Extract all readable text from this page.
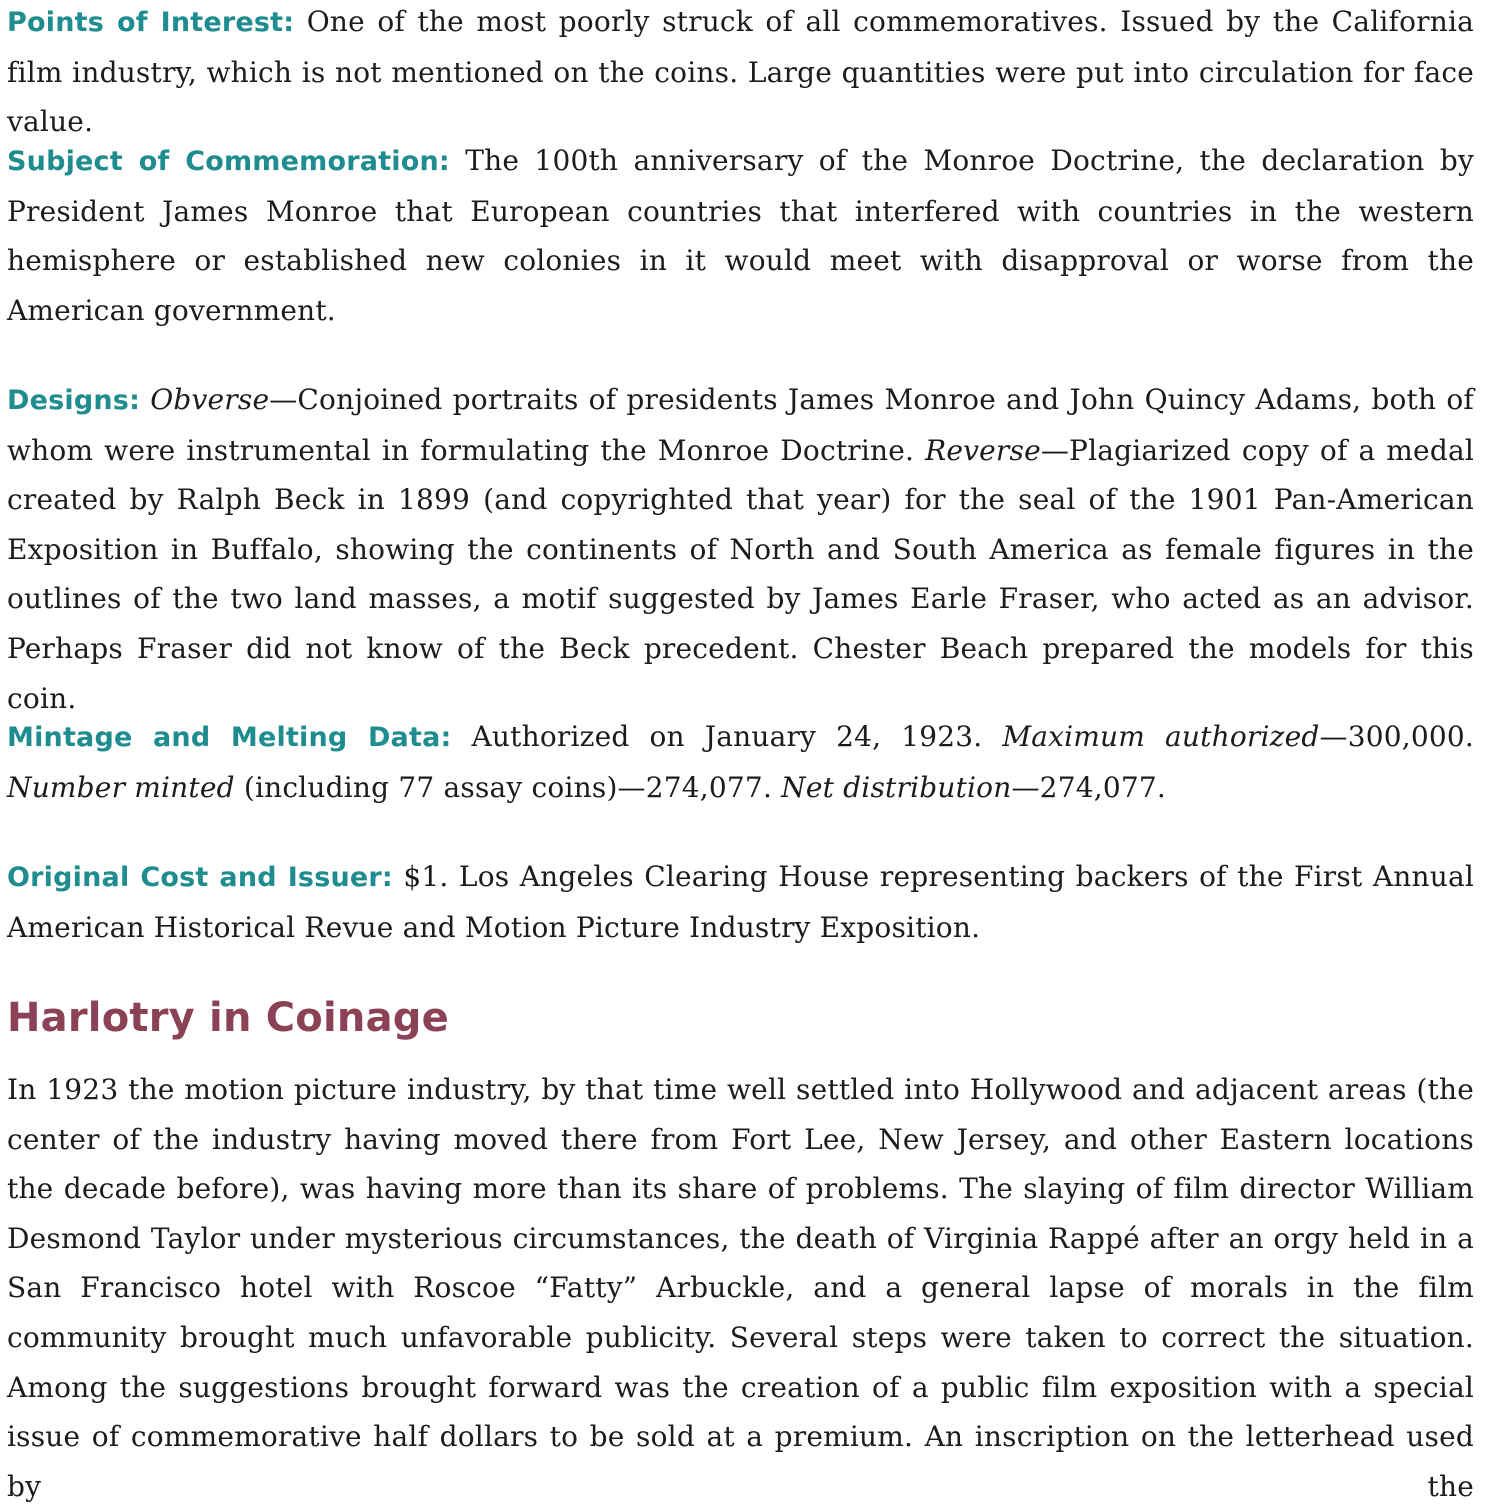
Points of Interest: One of the most poorly struck of all commemoratives. Issued by the California film industry, which is not mentioned on the coins. Large quantities were put into circulation for face value.

Subject of Commemoration: The 100th anniversary of the Monroe Doctrine, the declaration by President James Monroe that European countries that interfered with countries in the western hemisphere or established new colonies in it would meet with disapproval or worse from the American government.

Designs: Obverse—Conjoined portraits of presidents James Monroe and John Quincy Adams, both of whom were instrumental in formulating the Monroe Doctrine. Reverse—Plagiarized copy of a medal created by Ralph Beck in 1899 (and copyrighted that year) for the seal of the 1901 Pan-American Exposition in Buffalo, showing the continents of North and South America as female figures in the outlines of the two land masses, a motif suggested by James Earle Fraser, who acted as an advisor. Perhaps Fraser did not know of the Beck precedent. Chester Beach prepared the models for this coin.

Mintage and Melting Data: Authorized on January 24, 1923. Maximum authorized—300,000. Number minted (including 77 assay coins)—274,077. Net distribution—274,077.

Original Cost and Issuer: $1. Los Angeles Clearing House representing backers of the First Annual American Historical Revue and Motion Picture Industry Exposition.

Harlotry in Coinage

In 1923 the motion picture industry, by that time well settled into Hollywood and adjacent areas (the center of the industry having moved there from Fort Lee, New Jersey, and other Eastern locations the decade before), was having more than its share of problems. The slaying of film director William Desmond Taylor under mysterious circumstances, the death of Virginia Rappé after an orgy held in a San Francisco hotel with Roscoe “Fatty” Arbuckle, and a general lapse of morals in the film community brought much unfavorable publicity. Several steps were taken to correct the situation. Among the suggestions brought forward was the creation of a public film exposition with a special issue of commemorative half dollars to be sold at a premium. An inscription on the letterhead used by the
